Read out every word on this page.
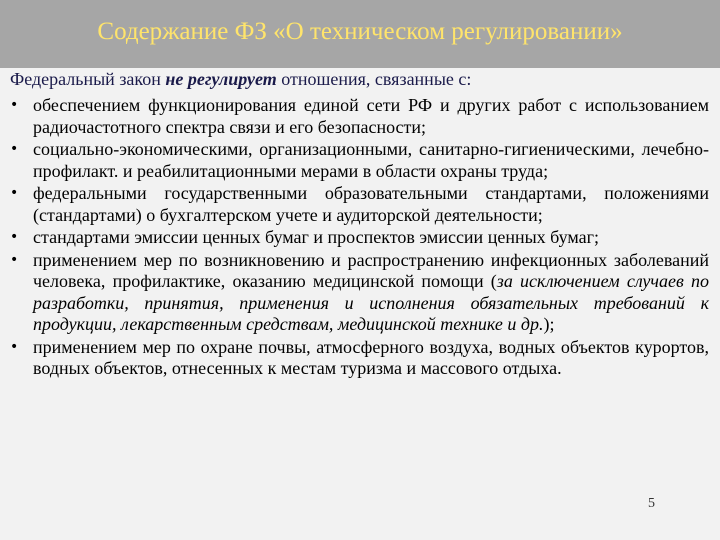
Содержание ФЗ «О техническом регулировании»
Федеральный закон не регулирует отношения, связанные с:
• обеспечением функционирования единой сети РФ и других работ с использованием радиочастотного спектра связи и его безопасности;
• социально-экономическими, организационными, санитарно-гигиеническими, лечебно-профилакт. и реабилитационными мерами в области охраны труда;
• федеральными государственными образовательными стандартами, положениями (стандартами) о бухгалтерском учете и аудиторской деятельности;
• стандартами эмиссии ценных бумаг и проспектов эмиссии ценных бумаг;
• применением мер по возникновению и распространению инфекционных заболеваний человека, профилактике, оказанию медицинской помощи (за исключением случаев по разработки, принятия, применения и исполнения обязательных требований к продукции, лекарственным средствам, медицинской технике и др.);
• применением мер по охране почвы, атмосферного воздуха, водных объектов курортов, водных объектов, отнесенных к местам туризма и массового отдыха.
5
